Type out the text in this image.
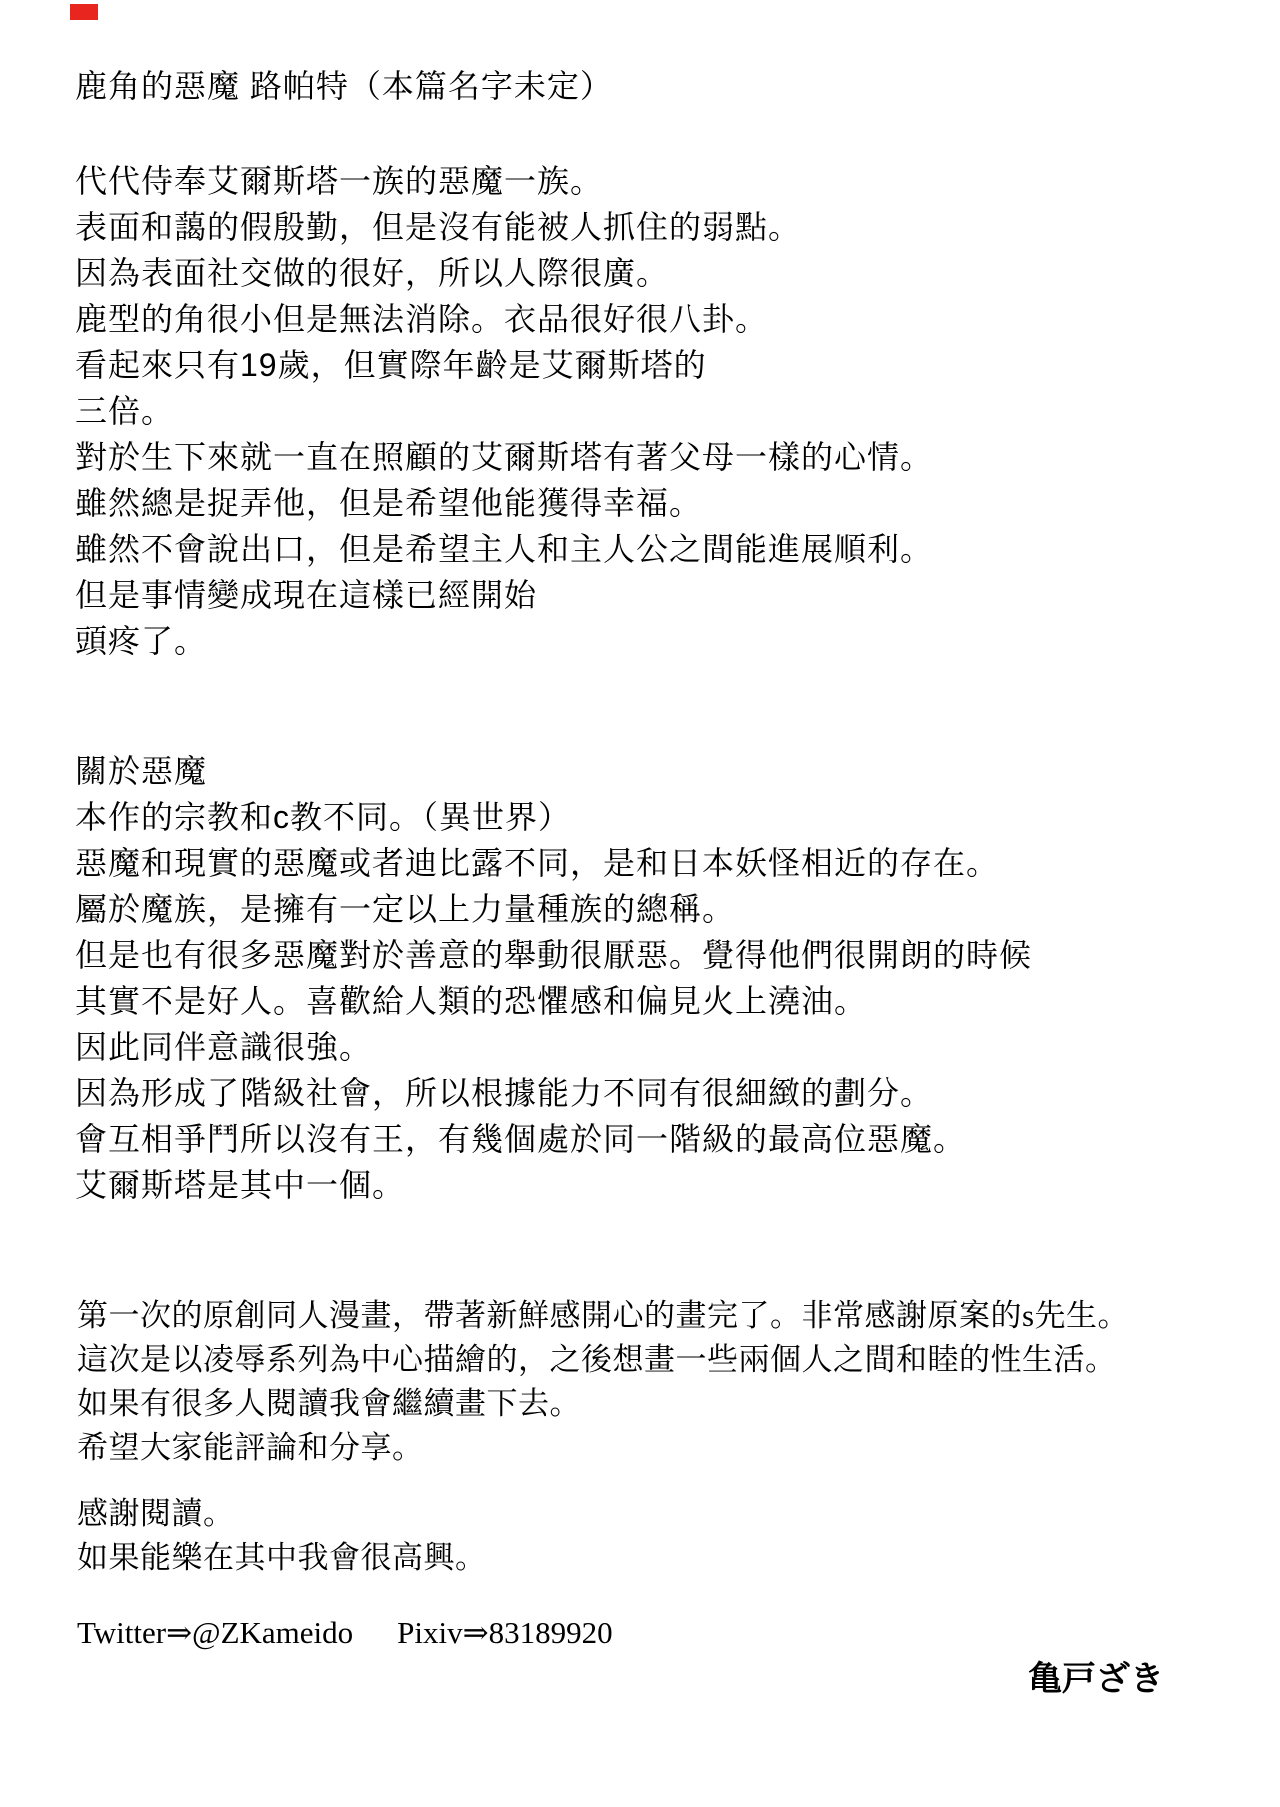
鹿角的惡魔 路帕特（本篇名字未定）
代代侍奉艾爾斯塔一族的惡魔一族。
表面和藹的假殷勤，但是沒有能被人抓住的弱點。
因為表面社交做的很好，所以人際很廣。
鹿型的角很小但是無法消除。衣品很好很八卦。
看起來只有19歲，但實際年齡是艾爾斯塔的
三倍。
對於生下來就一直在照顧的艾爾斯塔有著父母一樣的心情。
雖然總是捉弄他，但是希望他能獲得幸福。
雖然不會說出口，但是希望主人和主人公之間能進展順利。
但是事情變成現在這樣已經開始
頭疼了。
關於惡魔
本作的宗教和c教不同。（異世界）
惡魔和現實的惡魔或者迪比露不同，是和日本妖怪相近的存在。
屬於魔族，是擁有一定以上力量種族的總稱。
但是也有很多惡魔對於善意的舉動很厭惡。覺得他們很開朗的時候
其實不是好人。喜歡給人類的恐懼感和偏見火上澆油。
因此同伴意識很強。
因為形成了階級社會，所以根據能力不同有很細緻的劃分。
會互相爭鬥所以沒有王，有幾個處於同一階級的最高位惡魔。
艾爾斯塔是其中一個。
第一次的原創同人漫畫，帶著新鮮感開心的畫完了。非常感謝原案的s先生。
這次是以凌辱系列為中心描繪的，之後想畫一些兩個人之間和睦的性生活。
如果有很多人閱讀我會繼續畫下去。
希望大家能評論和分享。
感謝閱讀。
如果能樂在其中我會很高興。
Twitter⇒@ZKameido Pixiv⇒83189920
亀戸ざき
